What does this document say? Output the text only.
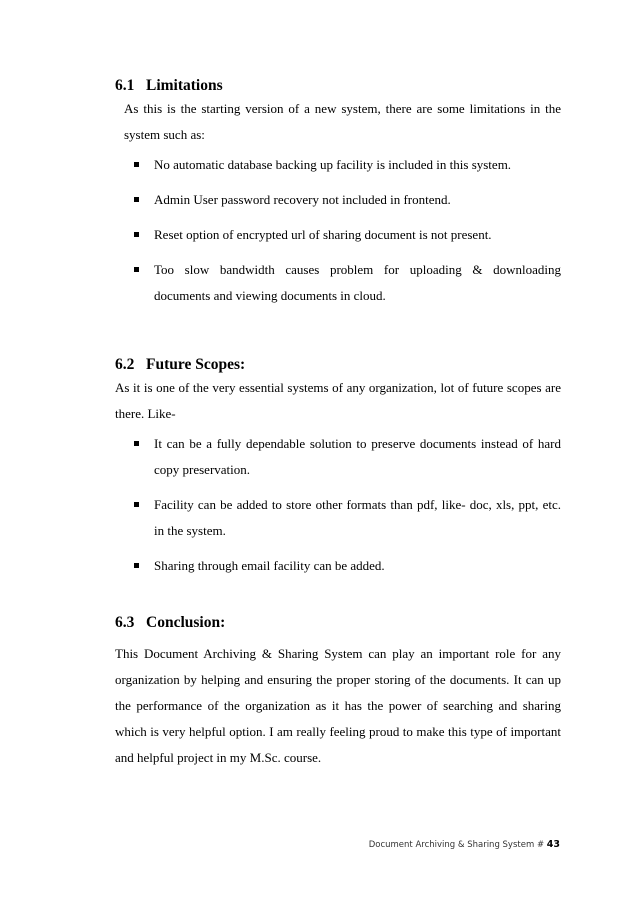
6.1 Limitations
As this is the starting version of a new system, there are some limitations in the system such as:
No automatic database backing up facility is included in this system.
Admin User password recovery not included in frontend.
Reset option of encrypted url of sharing document is not present.
Too slow bandwidth causes problem for uploading & downloading documents and viewing documents in cloud.
6.2 Future Scopes:
As it is one of the very essential systems of any organization, lot of future scopes are there. Like-
It can be a fully dependable solution to preserve documents instead of hard copy preservation.
Facility can be added to store other formats than pdf, like- doc, xls, ppt, etc. in the system.
Sharing through email facility can be added.
6.3 Conclusion:
This Document Archiving & Sharing System can play an important role for any organization by helping and ensuring the proper storing of the documents. It can up the performance of the organization as it has the power of searching and sharing which is very helpful option. I am really feeling proud to make this type of important and helpful project in my M.Sc. course.
Document Archiving & Sharing System # 43
